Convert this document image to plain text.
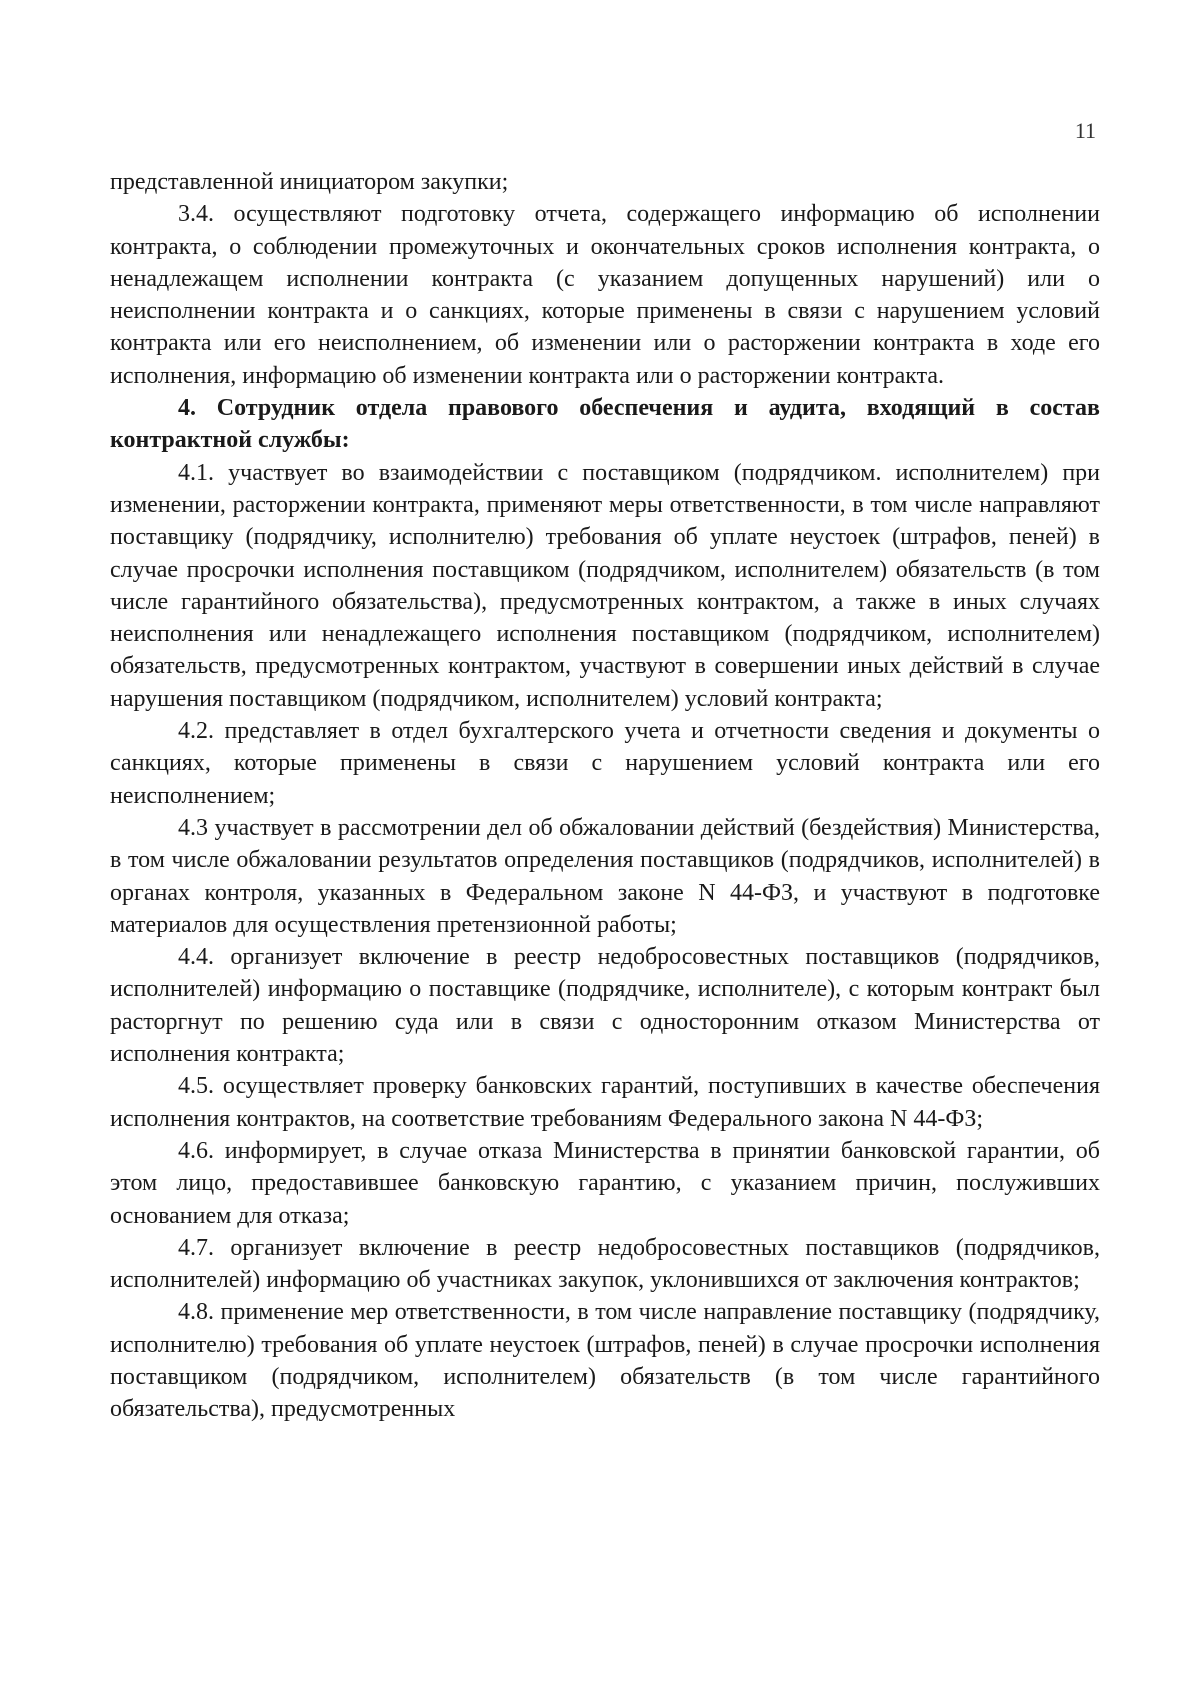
11

представленной инициатором закупки;

3.4. осуществляют подготовку отчета, содержащего информацию об исполнении контракта, о соблюдении промежуточных и окончательных сроков исполнения контракта, о ненадлежащем исполнении контракта (с указанием допущенных нарушений) или о неисполнении контракта и о санкциях, которые применены в связи с нарушением условий контракта или его неисполнением, об изменении или о расторжении контракта в ходе его исполнения, информацию об изменении контракта или о расторжении контракта.

4. Сотрудник отдела правового обеспечения и аудита, входящий в состав контрактной службы:

4.1. участвует во взаимодействии с поставщиком (подрядчиком. исполнителем) при изменении, расторжении контракта, применяют меры ответственности, в том числе направляют поставщику (подрядчику, исполнителю) требования об уплате неустоек (штрафов, пеней) в случае просрочки исполнения поставщиком (подрядчиком, исполнителем) обязательств (в том числе гарантийного обязательства), предусмотренных контрактом, а также в иных случаях неисполнения или ненадлежащего исполнения поставщиком (подрядчиком, исполнителем) обязательств, предусмотренных контрактом, участвуют в совершении иных действий в случае нарушения поставщиком (подрядчиком, исполнителем) условий контракта;

4.2. представляет в отдел бухгалтерского учета и отчетности сведения и документы о санкциях, которые применены в связи с нарушением условий контракта или его неисполнением;

4.3 участвует в рассмотрении дел об обжаловании действий (бездействия) Министерства, в том числе обжаловании результатов определения поставщиков (подрядчиков, исполнителей) в органах контроля, указанных в Федеральном законе N 44-ФЗ, и участвуют в подготовке материалов для осуществления претензионной работы;

4.4. организует включение в реестр недобросовестных поставщиков (подрядчиков, исполнителей) информацию о поставщике (подрядчике, исполнителе), с которым контракт был расторгнут по решению суда или в связи с односторонним отказом Министерства от исполнения контракта;

4.5. осуществляет проверку банковских гарантий, поступивших в качестве обеспечения исполнения контрактов, на соответствие требованиям Федерального закона N 44-ФЗ;

4.6. информирует, в случае отказа Министерства в принятии банковской гарантии, об этом лицо, предоставившее банковскую гарантию, с указанием причин, послуживших основанием для отказа;

4.7. организует включение в реестр недобросовестных поставщиков (подрядчиков, исполнителей) информацию об участниках закупок, уклонившихся от заключения контрактов;

4.8. применение мер ответственности, в том числе направление поставщику (подрядчику, исполнителю) требования об уплате неустоек (штрафов, пеней) в случае просрочки исполнения поставщиком (подрядчиком, исполнителем) обязательств (в том числе гарантийного обязательства), предусмотренных
